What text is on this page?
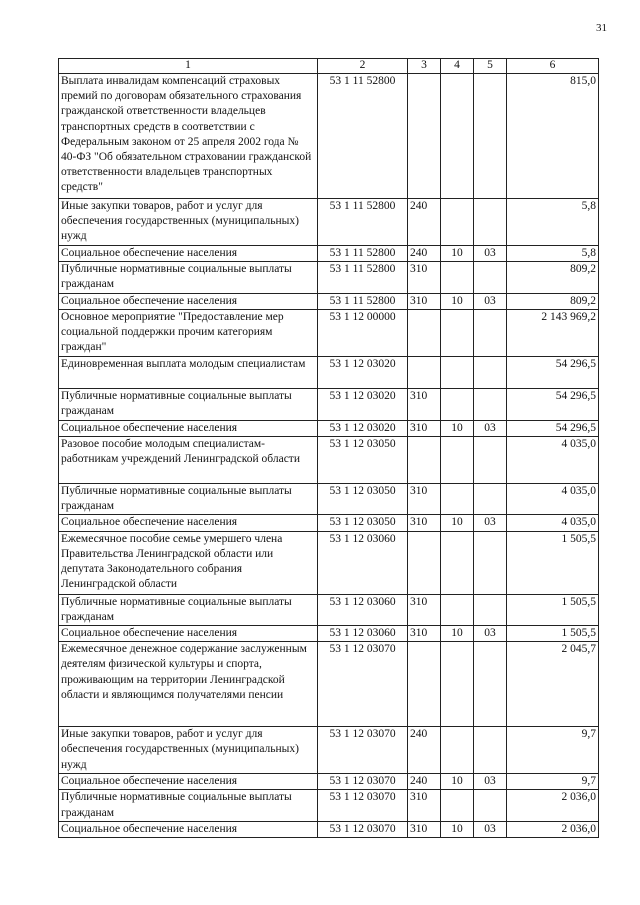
31
1	2	3	4	5	6
Выплата инвалидам компенсаций страховых премий по договорам обязательного страхования гражданской ответственности владельцев транспортных средств в соответствии с Федеральным законом от 25 апреля 2002 года № 40-ФЗ "Об обязательном страховании гражданской ответственности владельцев транспортных средств"	53 1 11 52800				815,0
Иные закупки товаров, работ и услуг для обеспечения государственных (муниципальных) нужд	53 1 11 52800	240			5,8
Социальное обеспечение населения	53 1 11 52800	240	10	03	5,8
Публичные нормативные социальные выплаты гражданам	53 1 11 52800	310			809,2
Социальное обеспечение населения	53 1 11 52800	310	10	03	809,2
Основное мероприятие "Предоставление мер социальной поддержки прочим категориям граждан"	53 1 12 00000				2 143 969,2
Единовременная выплата молодым специалистам	53 1 12 03020				54 296,5
Публичные нормативные социальные выплаты гражданам	53 1 12 03020	310			54 296,5
Социальное обеспечение населения	53 1 12 03020	310	10	03	54 296,5
Разовое пособие молодым специалистам-работникам учреждений Ленинградской области	53 1 12 03050				4 035,0
Публичные нормативные социальные выплаты гражданам	53 1 12 03050	310			4 035,0
Социальное обеспечение населения	53 1 12 03050	310	10	03	4 035,0
Ежемесячное пособие семье умершего члена Правительства Ленинградской области или депутата Законодательного собрания Ленинградской области	53 1 12 03060				1 505,5
Публичные нормативные социальные выплаты гражданам	53 1 12 03060	310			1 505,5
Социальное обеспечение населения	53 1 12 03060	310	10	03	1 505,5
Ежемесячное денежное содержание заслуженным деятелям физической культуры и спорта, проживающим на территории Ленинградской области и являющимся получателями пенсии	53 1 12 03070				2 045,7
Иные закупки товаров, работ и услуг для обеспечения государственных (муниципальных) нужд	53 1 12 03070	240			9,7
Социальное обеспечение населения	53 1 12 03070	240	10	03	9,7
Публичные нормативные социальные выплаты гражданам	53 1 12 03070	310			2 036,0
Социальное обеспечение населения	53 1 12 03070	310	10	03	2 036,0
